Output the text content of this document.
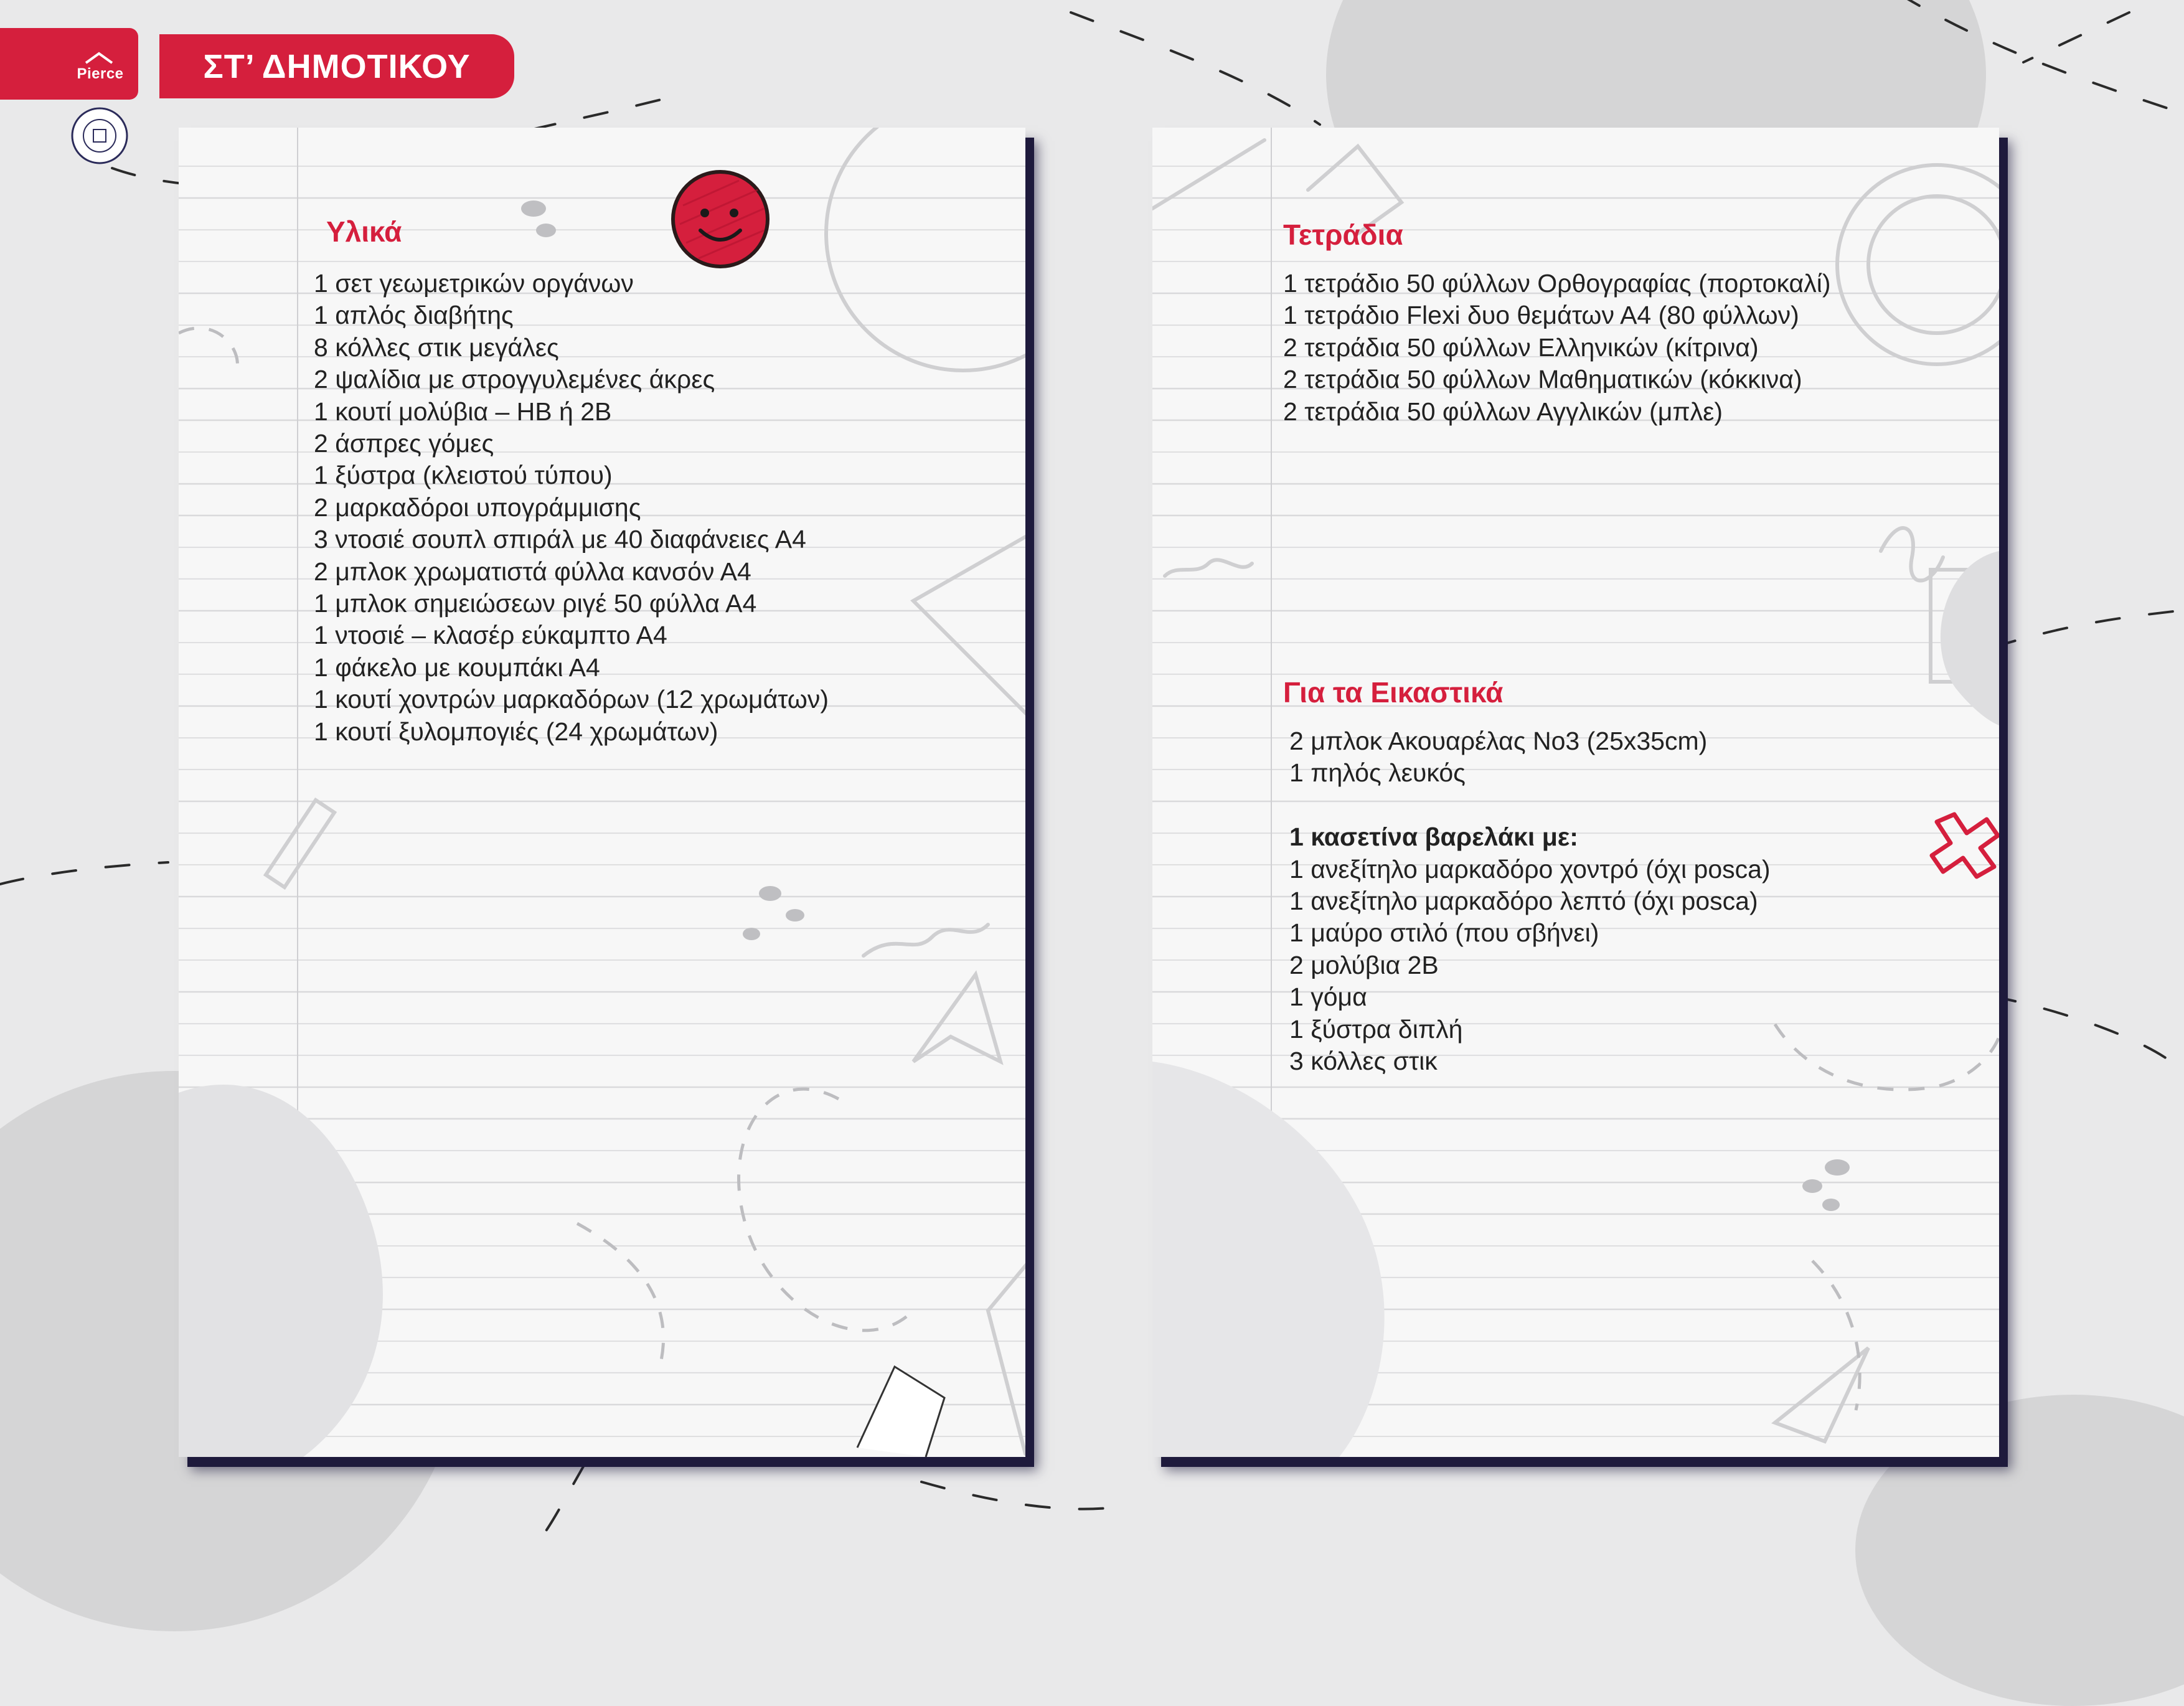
Pierce	ΣΤ’ ΔΗΜΟΤΙΚΟΥ
Υλικά
1 σετ γεωμετρικών οργάνων
1 απλός διαβήτης
8 κόλλες στικ μεγάλες
2 ψαλίδια με στρογγυλεμένες άκρες
1 κουτί μολύβια – HB ή 2B
2 άσπρες γόμες
1 ξύστρα (κλειστού τύπου)
2 μαρκαδόροι υπογράμμισης
3 ντοσιέ σουπλ σπιράλ με 40 διαφάνειες Α4
2 μπλοκ χρωματιστά φύλλα κανσόν Α4
1 μπλοκ σημειώσεων ριγέ 50 φύλλα Α4
1 ντοσιέ – κλασέρ εύκαμπτο Α4
1 φάκελο με κουμπάκι Α4
1 κουτί χοντρών μαρκαδόρων (12 χρωμάτων)
1 κουτί ξυλομπογιές (24 χρωμάτων)
Τετράδια
1 τετράδιο 50 φύλλων Ορθογραφίας (πορτοκαλί)
1 τετράδιο Flexi δυο θεμάτων Α4 (80 φύλλων)
2 τετράδια 50 φύλλων Ελληνικών (κίτρινα)
2 τετράδια 50 φύλλων Μαθηματικών (κόκκινα)
2 τετράδια 50 φύλλων Αγγλικών (μπλε)
Για τα Εικαστικά
2 μπλοκ Ακουαρέλας Νο3 (25x35cm)
1 πηλός λευκός
1 κασετίνα βαρελάκι με:
1 ανεξίτηλο μαρκαδόρο χοντρό (όχι posca)
1 ανεξίτηλο μαρκαδόρο λεπτό (όχι posca)
1 μαύρο στιλό (που σβήνει)
2 μολύβια 2Β
1 γόμα
1 ξύστρα διπλή
3 κόλλες στικ
